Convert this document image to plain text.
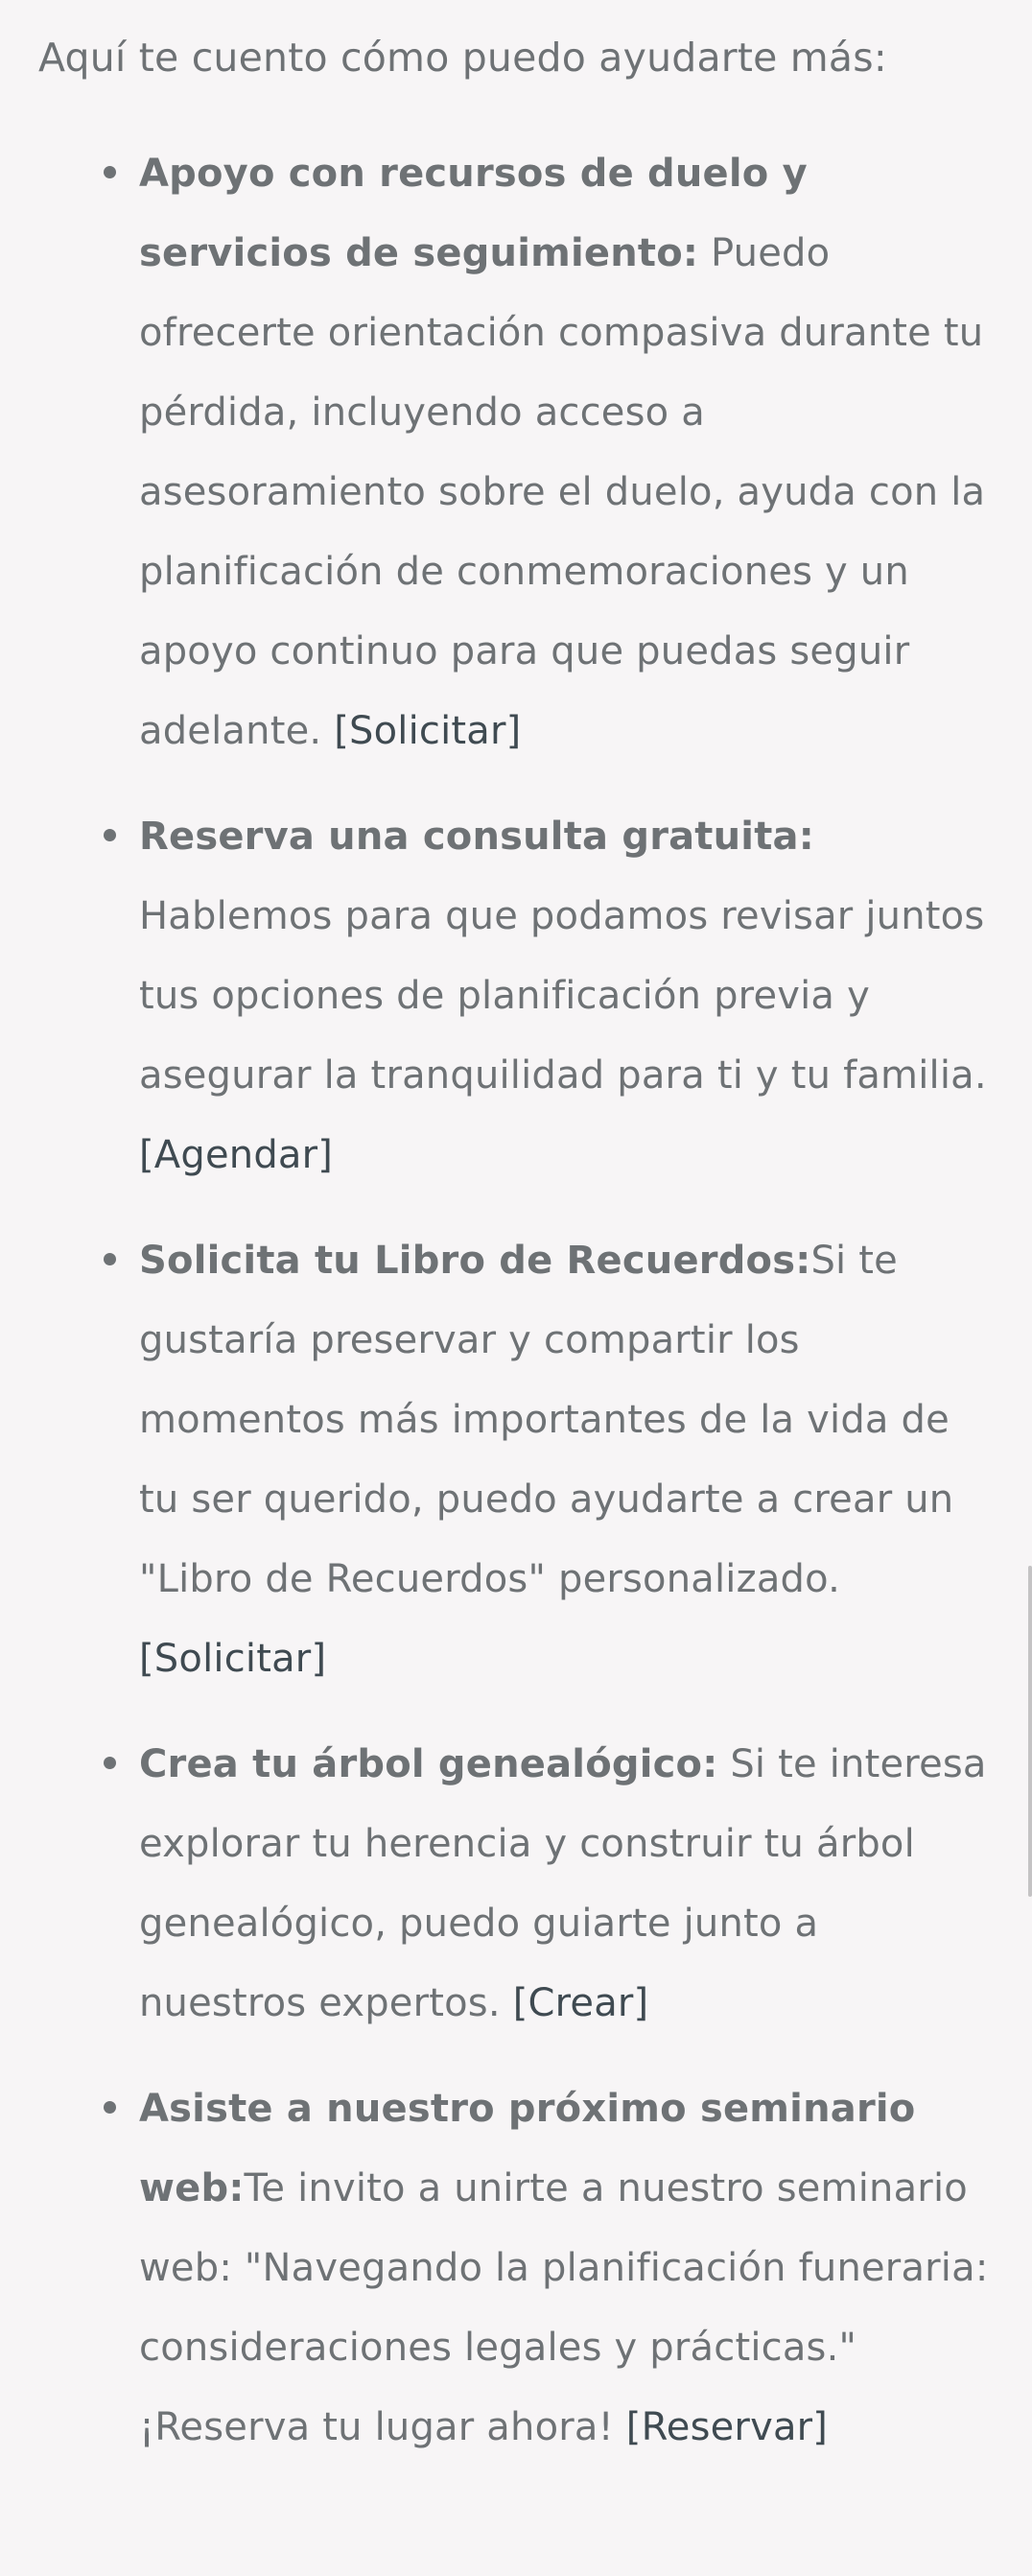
Aquí te cuento cómo puedo ayudarte más:

Apoyo con recursos de duelo y servicios de seguimiento: Puedo ofrecerte orientación compasiva durante tu pérdida, incluyendo acceso a asesoramiento sobre el duelo, ayuda con la planificación de conmemoraciones y un apoyo continuo para que puedas seguir adelante. [Solicitar]
Reserva una consulta gratuita: Hablemos para que podamos revisar juntos tus opciones de planificación previa y asegurar la tranquilidad para ti y tu familia. [Agendar]
Solicita tu Libro de Recuerdos:Si te gustaría preservar y compartir los momentos más importantes de la vida de tu ser querido, puedo ayudarte a crear un "Libro de Recuerdos" personalizado. [Solicitar]
Crea tu árbol genealógico: Si te interesa explorar tu herencia y construir tu árbol genealógico, puedo guiarte junto a nuestros expertos. [Crear]
Asiste a nuestro próximo seminario web:Te invito a unirte a nuestro seminario web: "Navegando la planificación funeraria: consideraciones legales y prácticas." ¡Reserva tu lugar ahora! [Reservar]
